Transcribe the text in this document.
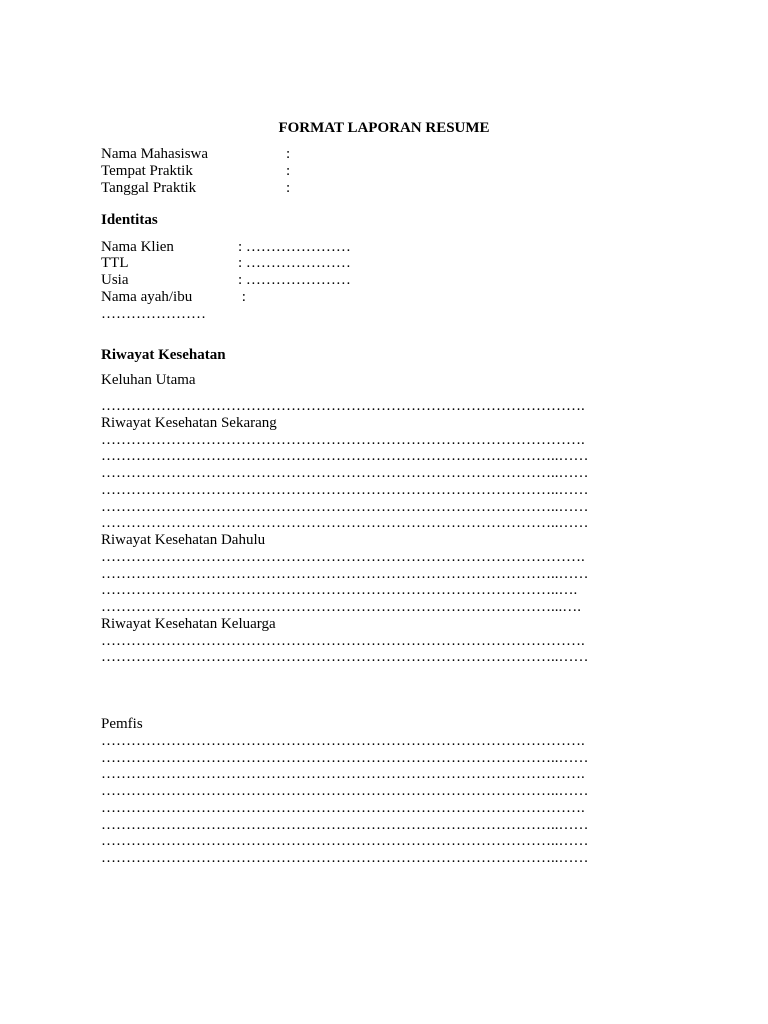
FORMAT LAPORAN RESUME
Nama Mahasiswa	:
Tempat Praktik	:
Tanggal Praktik	:
Identitas
Nama Klien	: …………………
TTL	: …………………
Usia	: …………………
Nama ayah/ibu	:
…………………
Riwayat Kesehatan
Keluhan Utama
…………………………………………………………………………………….
Riwayat Kesehatan Sekarang
…………………………………………………………………………………….
………………………………………………………………………………..……
………………………………………………………………………………..……
………………………………………………………………………………..……
………………………………………………………………………………..……
………………………………………………………………………………..……
Riwayat Kesehatan Dahulu
…………………………………………………………………………………….
………………………………………………………………………………..……
………………………………………………………………………………..….
………………………………………………………………………………...….
Riwayat Kesehatan Keluarga
…………………………………………………………………………………….
………………………………………………………………………………..……
Pemfis
…………………………………………………………………………………….
………………………………………………………………………………..……
…………………………………………………………………………………….
………………………………………………………………………………..……
…………………………………………………………………………………….
………………………………………………………………………………..……
………………………………………………………………………………..……
………………………………………………………………………………..……
